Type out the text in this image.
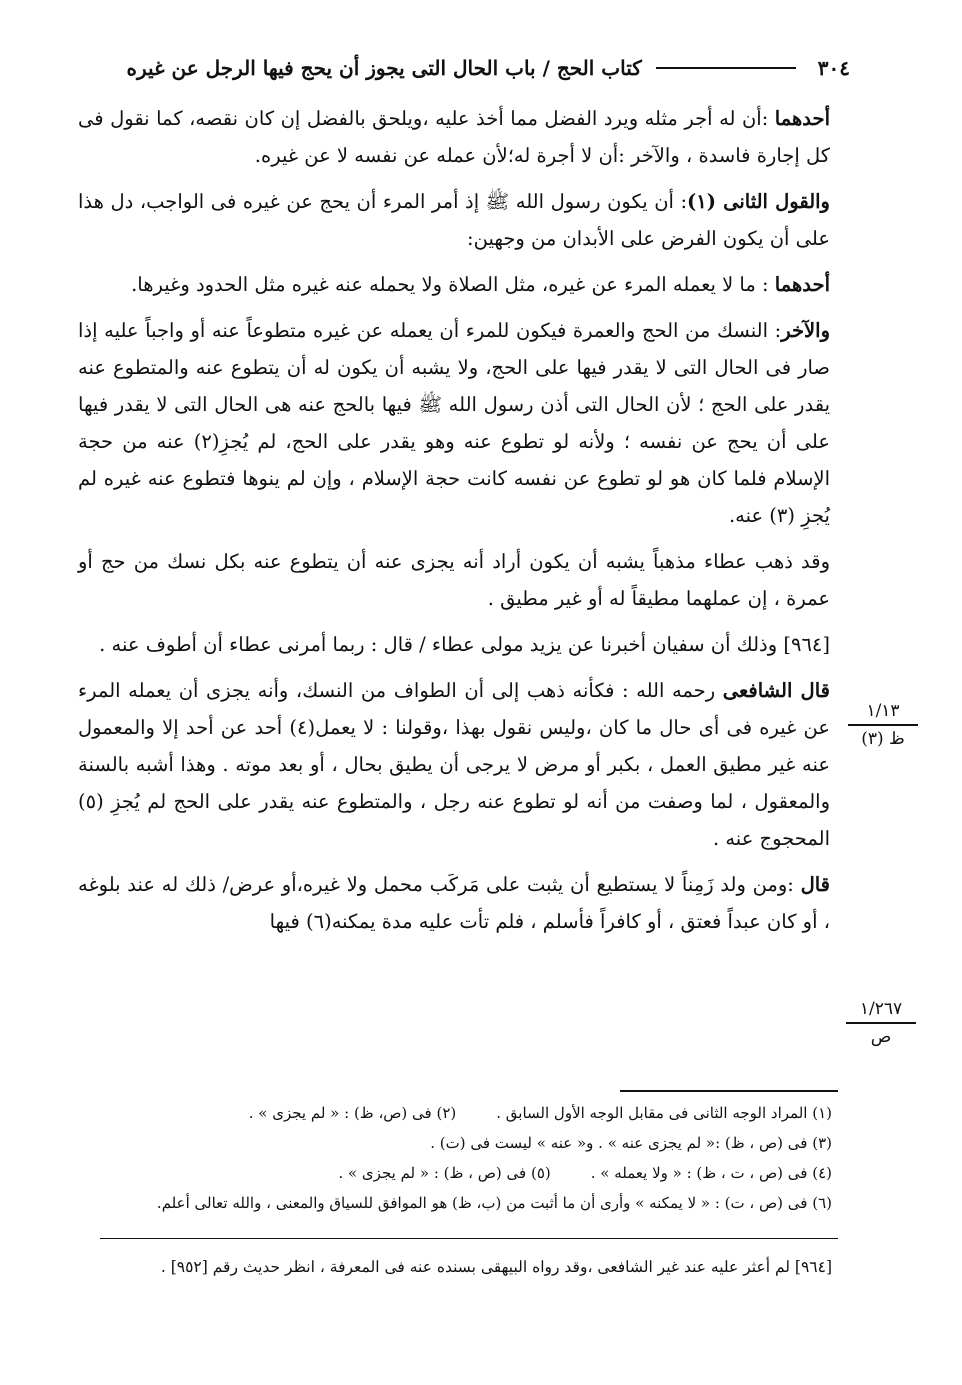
٣٠٤
كتاب الحج / باب الحال التى يجوز أن يحج فيها الرجل عن غيره

أحدهما :أن له أجر مثله ويرد الفضل مما أخذ عليه ،ويلحق بالفضل إن كان نقصه، كما نقول فى كل إجارة فاسدة ، والآخر :أن لا أجرة له؛لأن عمله عن نفسه لا عن غيره.

والقول الثانى (١): أن يكون رسول الله ﷺ إذ أمر المرء أن يحج عن غيره فى الواجب، دل هذا على أن يكون الفرض على الأبدان من وجهين:

أحدهما : ما لا يعمله المرء عن غيره، مثل الصلاة ولا يحمله عنه غيره مثل الحدود وغيرها.

والآخر: النسك من الحج والعمرة فيكون للمرء أن يعمله عن غيره متطوعاً عنه أو واجباً عليه إذا صار فى الحال التى لا يقدر فيها على الحج، ولا يشبه أن يكون له أن يتطوع عنه والمتطوع عنه يقدر على الحج ؛ لأن الحال التى أذن رسول الله ﷺ فيها بالحج عنه هى الحال التى لا يقدر فيها على أن يحج عن نفسه ؛ ولأنه لو تطوع عنه وهو يقدر على الحج، لم يُجزِ(٢) عنه من حجة الإسلام فلما كان هو لو تطوع عن نفسه كانت حجة الإسلام ، وإن لم ينوها فتطوع عنه غيره لم يُجزِ (٣) عنه.

وقد ذهب عطاء مذهباً يشبه أن يكون أراد أنه يجزى عنه أن يتطوع عنه بكل نسك من حج أو عمرة ، إن عملهما مطيقاً له أو غير مطيق .

[٩٦٤] وذلك أن سفيان أخبرنا عن يزيد مولى عطاء / قال : ربما أمرنى عطاء أن أطوف عنه .

قال الشافعى رحمه الله : فكأنه ذهب إلى أن الطواف من النسك، وأنه يجزى أن يعمله المرء عن غيره فى أى حال ما كان ،وليس نقول بهذا ،وقولنا : لا يعمل(٤) أحد عن أحد إلا والمعمول عنه غير مطيق العمل ، بكبر أو مرض لا يرجى أن يطيق بحال ، أو بعد موته . وهذا أشبه بالسنة والمعقول ، لما وصفت من أنه لو تطوع عنه رجل ، والمتطوع عنه يقدر على الحج لم يُجزِ (٥) المحجوج عنه .

قال :ومن ولد زَمِناً لا يستطيع أن يثبت على مَركَب محمل ولا غيره،أو عرض/ ذلك له عند بلوغه ، أو كان عبداً فعتق ، أو كافراً فأسلم ، فلم تأت عليه مدة يمكنه(٦) فيها

١/١٣
ظ (٣)
١/٢٦٧
ص
(١) المراد الوجه الثانى فى مقابل الوجه الأول السابق .
(٢) فى (ص، ظ) : « لم يجزى » .
(٣) فى (ص ، ظ) :« لم يجزى عنه » . و« عنه » ليست فى (ت) .
(٤) فى (ص ، ت ، ظ) : « ولا يعمله » .
(٥) فى (ص ، ظ) : « لم يجزى » .
(٦) فى (ص ، ت) : « لا يمكنه » وأرى أن ما أثبت من (ب، ظ) هو الموافق للسياق والمعنى ، والله تعالى أعلم.
[٩٦٤] لم أعثر عليه عند غير الشافعى ،وقد رواه البيهقى بسنده عنه فى المعرفة ، انظر حديث رقم [٩٥٢] .
